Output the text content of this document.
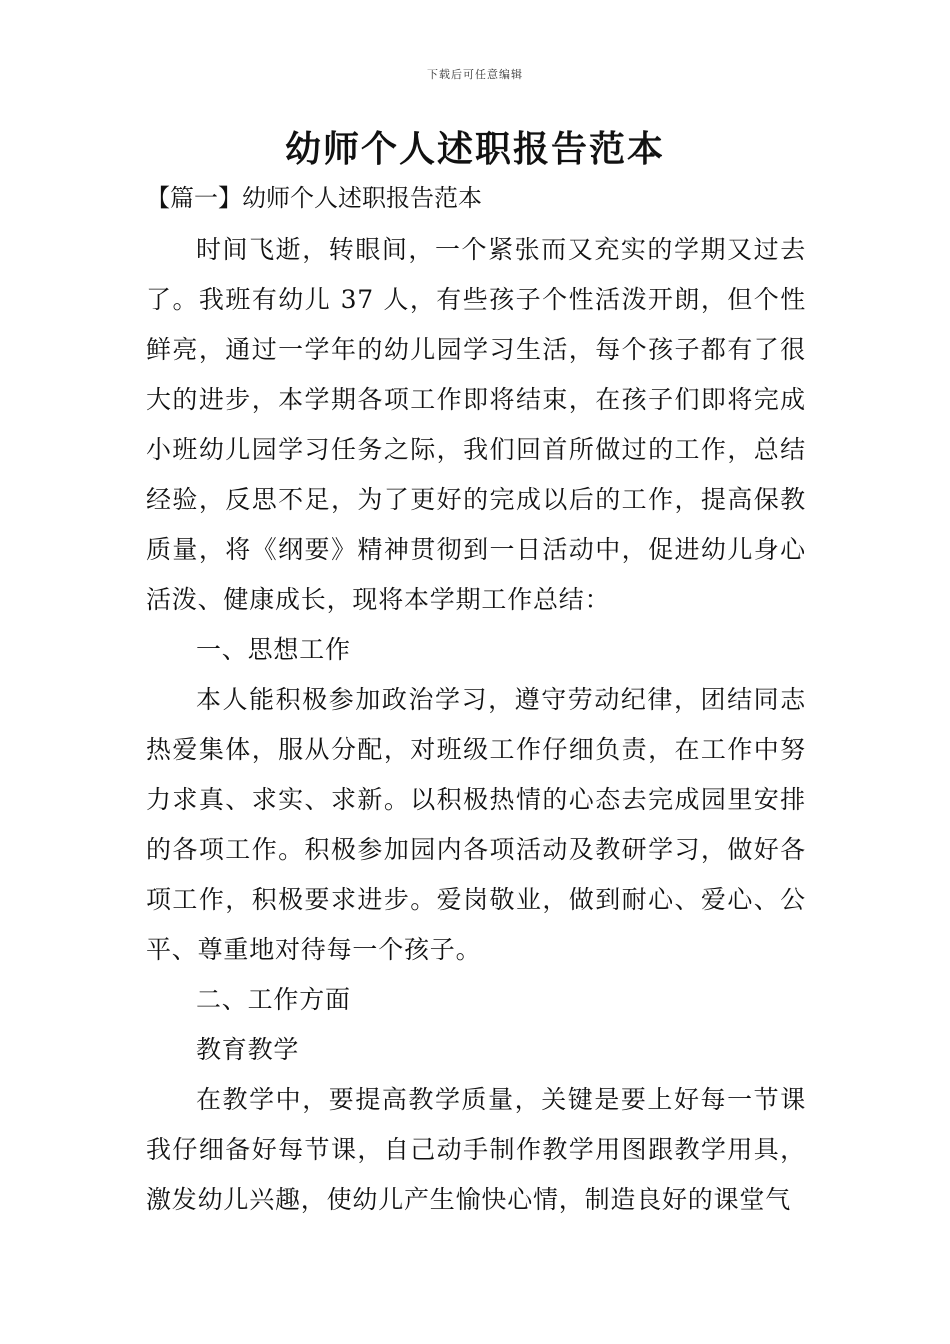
下载后可任意编辑
幼师个人述职报告范本
【篇一】幼师个人述职报告范本

时间飞逝，转眼间，一个紧张而又充实的学期又过去了。我班有幼儿 37 人，有些孩子个性活泼开朗，但个性鲜亮，通过一学年的幼儿园学习生活，每个孩子都有了很大的进步，本学期各项工作即将结束，在孩子们即将完成小班幼儿园学习任务之际，我们回首所做过的工作，总结经验，反思不足，为了更好的完成以后的工作，提高保教质量，将《纲要》精神贯彻到一日活动中，促进幼儿身心活泼、健康成长，现将本学期工作总结：

一、思想工作

本人能积极参加政治学习，遵守劳动纪律，团结同志热爱集体，服从分配，对班级工作仔细负责，在工作中努力求真、求实、求新。以积极热情的心态去完成园里安排的各项工作。积极参加园内各项活动及教研学习，做好各项工作，积极要求进步。爱岗敬业，做到耐心、爱心、公平、尊重地对待每一个孩子。

二、工作方面

教育教学

在教学中，要提高教学质量，关键是要上好每一节课我仔细备好每节课，自己动手制作教学用图跟教学用具，激发幼儿兴趣，使幼儿产生愉快心情，制造良好的课堂气
